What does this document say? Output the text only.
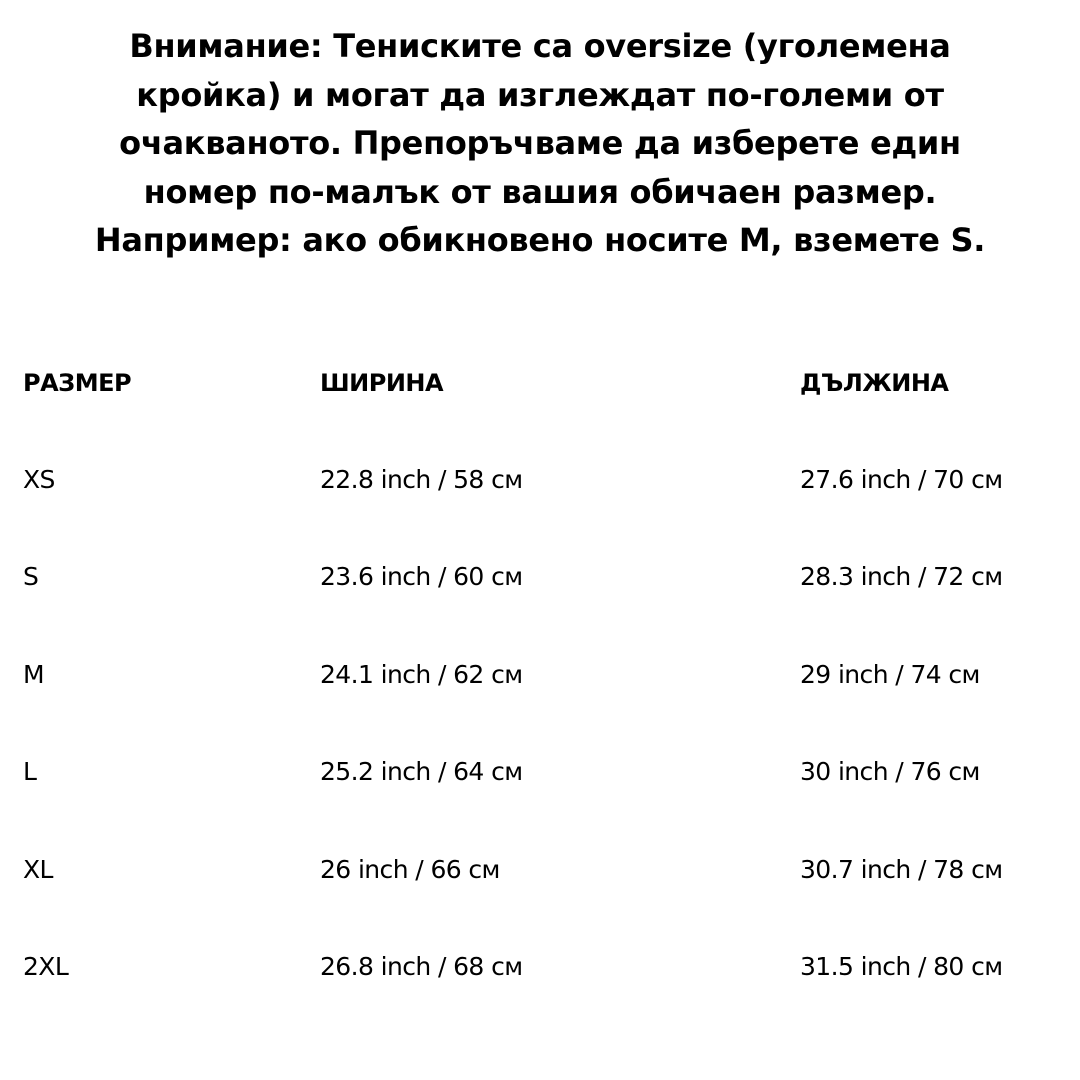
Внимание: Тениските са oversize (уголемена
кройка) и могат да изглеждат по-големи от
очакваното. Препоръчваме да изберете един
номер по-малък от вашия обичаен размер.
Например: ако обикновено носите M, вземете S.

РАЗМЕР	ШИРИНА	ДЪЛЖИНА
XS	22.8 inch / 58 см	27.6 inch / 70 см
S	23.6 inch / 60 см	28.3 inch / 72 см
M	24.1 inch / 62 см	29 inch / 74 см
L	25.2 inch / 64 см	30 inch / 76 см
XL	26 inch / 66 см	30.7 inch / 78 см
2XL	26.8 inch / 68 см	31.5 inch / 80 см
